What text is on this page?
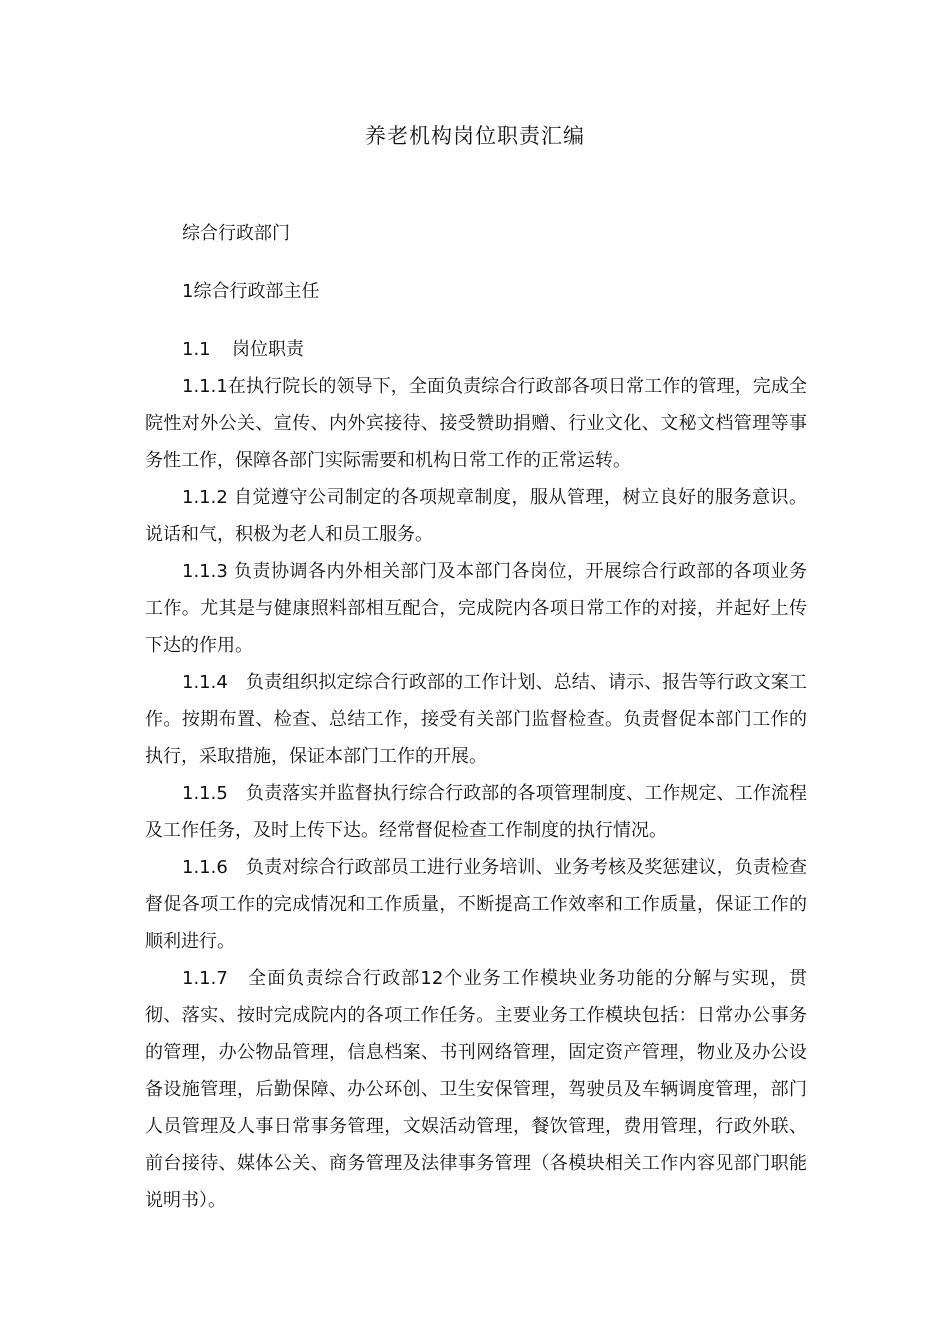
养老机构岗位职责汇编
综合行政部门
1综合行政部主任
1.1 岗位职责

1.1.1在执行院长的领导下，全面负责综合行政部各项日常工作的管理，完成全院性对外公关、宣传、内外宾接待、接受赞助捐赠、行业文化、文秘文档管理等事务性工作，保障各部门实际需要和机构日常工作的正常运转。

1.1.2 自觉遵守公司制定的各项规章制度，服从管理，树立良好的服务意识。说话和气，积极为老人和员工服务。

1.1.3 负责协调各内外相关部门及本部门各岗位，开展综合行政部的各项业务工作。尤其是与健康照料部相互配合，完成院内各项日常工作的对接，并起好上传下达的作用。

1.1.4　负责组织拟定综合行政部的工作计划、总结、请示、报告等行政文案工作。按期布置、检查、总结工作，接受有关部门监督检查。负责督促本部门工作的执行，采取措施，保证本部门工作的开展。

1.1.5　负责落实并监督执行综合行政部的各项管理制度、工作规定、工作流程及工作任务，及时上传下达。经常督促检查工作制度的执行情况。

1.1.6　负责对综合行政部员工进行业务培训、业务考核及奖惩建议，负责检查督促各项工作的完成情况和工作质量，不断提高工作效率和工作质量，保证工作的顺利进行。

1.1.7　全面负责综合行政部12个业务工作模块业务功能的分解与实现，贯彻、落实、按时完成院内的各项工作任务。主要业务工作模块包括：日常办公事务的管理，办公物品管理，信息档案、书刊网络管理，固定资产管理，物业及办公设备设施管理，后勤保障、办公环创、卫生安保管理，驾驶员及车辆调度管理，部门人员管理及人事日常事务管理，文娱活动管理，餐饮管理，费用管理，行政外联、前台接待、媒体公关、商务管理及法律事务管理（各模块相关工作内容见部门职能说明书）。
